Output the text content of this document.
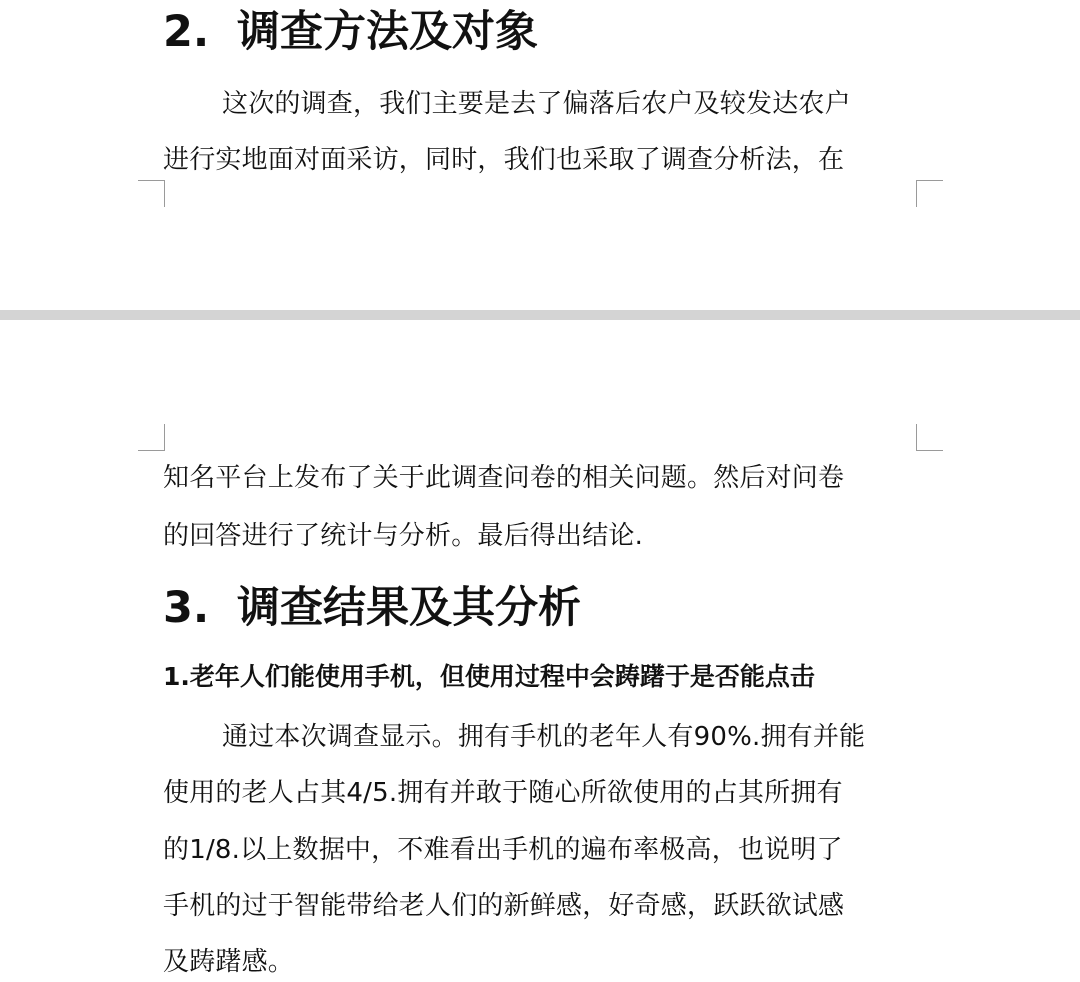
2. 调查方法及对象
这次的调查，我们主要是去了偏落后农户及较发达农户
进行实地面对面采访，同时，我们也采取了调查分析法，在
知名平台上发布了关于此调查问卷的相关问题。然后对问卷
的回答进行了统计与分析。最后得出结论.
3. 调查结果及其分析
1.老年人们能使用手机，但使用过程中会踌躇于是否能点击
通过本次调查显示。拥有手机的老年人有90%.拥有并能
使用的老人占其4/5.拥有并敢于随心所欲使用的占其所拥有
的1/8.以上数据中，不难看出手机的遍布率极高，也说明了
手机的过于智能带给老人们的新鲜感，好奇感，跃跃欲试感
及踌躇感。
